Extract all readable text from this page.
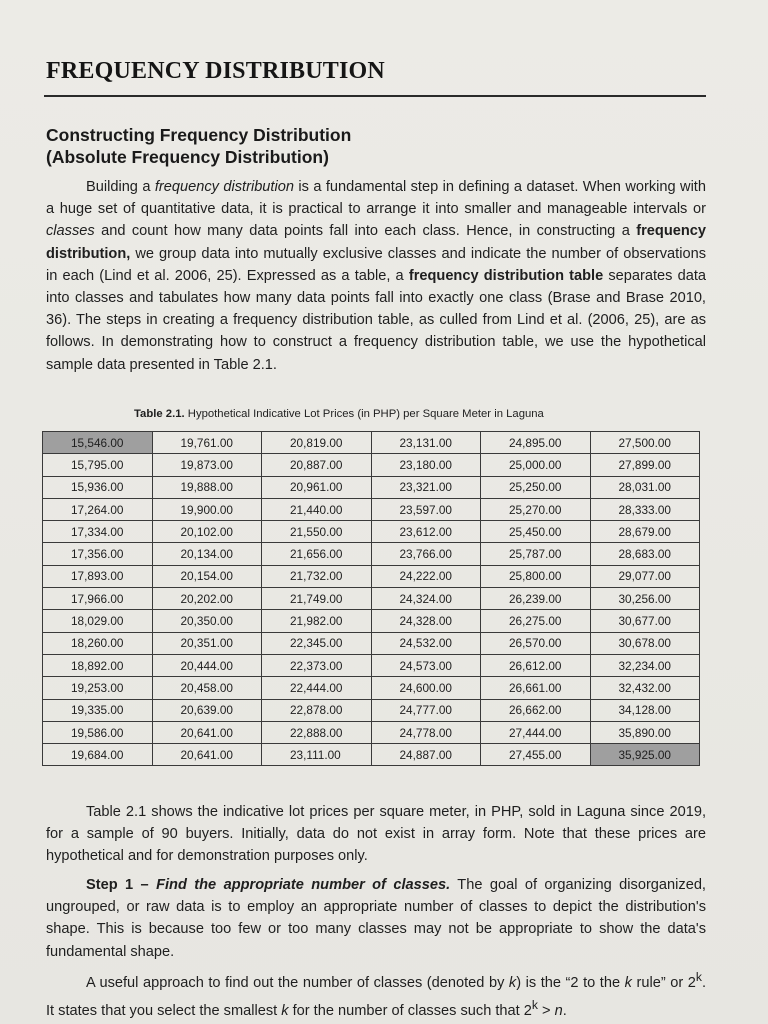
FREQUENCY DISTRIBUTION
Constructing Frequency Distribution
(Absolute Frequency Distribution)
Building a frequency distribution is a fundamental step in defining a dataset. When working with a huge set of quantitative data, it is practical to arrange it into smaller and manageable intervals or classes and count how many data points fall into each class. Hence, in constructing a frequency distribution, we group data into mutually exclusive classes and indicate the number of observations in each (Lind et al. 2006, 25). Expressed as a table, a frequency distribution table separates data into classes and tabulates how many data points fall into exactly one class (Brase and Brase 2010, 36). The steps in creating a frequency distribution table, as culled from Lind et al. (2006, 25), are as follows. In demonstrating how to construct a frequency distribution table, we use the hypothetical sample data presented in Table 2.1.
Table 2.1. Hypothetical Indicative Lot Prices (in PHP) per Square Meter in Laguna
15,546.00	19,761.00	20,819.00	23,131.00	24,895.00	27,500.00
15,795.00	19,873.00	20,887.00	23,180.00	25,000.00	27,899.00
15,936.00	19,888.00	20,961.00	23,321.00	25,250.00	28,031.00
17,264.00	19,900.00	21,440.00	23,597.00	25,270.00	28,333.00
17,334.00	20,102.00	21,550.00	23,612.00	25,450.00	28,679.00
17,356.00	20,134.00	21,656.00	23,766.00	25,787.00	28,683.00
17,893.00	20,154.00	21,732.00	24,222.00	25,800.00	29,077.00
17,966.00	20,202.00	21,749.00	24,324.00	26,239.00	30,256.00
18,029.00	20,350.00	21,982.00	24,328.00	26,275.00	30,677.00
18,260.00	20,351.00	22,345.00	24,532.00	26,570.00	30,678.00
18,892.00	20,444.00	22,373.00	24,573.00	26,612.00	32,234.00
19,253.00	20,458.00	22,444.00	24,600.00	26,661.00	32,432.00
19,335.00	20,639.00	22,878.00	24,777.00	26,662.00	34,128.00
19,586.00	20,641.00	22,888.00	24,778.00	27,444.00	35,890.00
19,684.00	20,641.00	23,111.00	24,887.00	27,455.00	35,925.00
Table 2.1 shows the indicative lot prices per square meter, in PHP, sold in Laguna since 2019, for a sample of 90 buyers. Initially, data do not exist in array form. Note that these prices are hypothetical and for demonstration purposes only.
Step 1 – Find the appropriate number of classes. The goal of organizing disorganized, ungrouped, or raw data is to employ an appropriate number of classes to depict the distribution's shape. This is because too few or too many classes may not be appropriate to show the data's fundamental shape.
A useful approach to find out the number of classes (denoted by k) is the “2 to the k rule” or 2$^k$. It states that you select the smallest k for the number of classes such that $2^k > n$.
